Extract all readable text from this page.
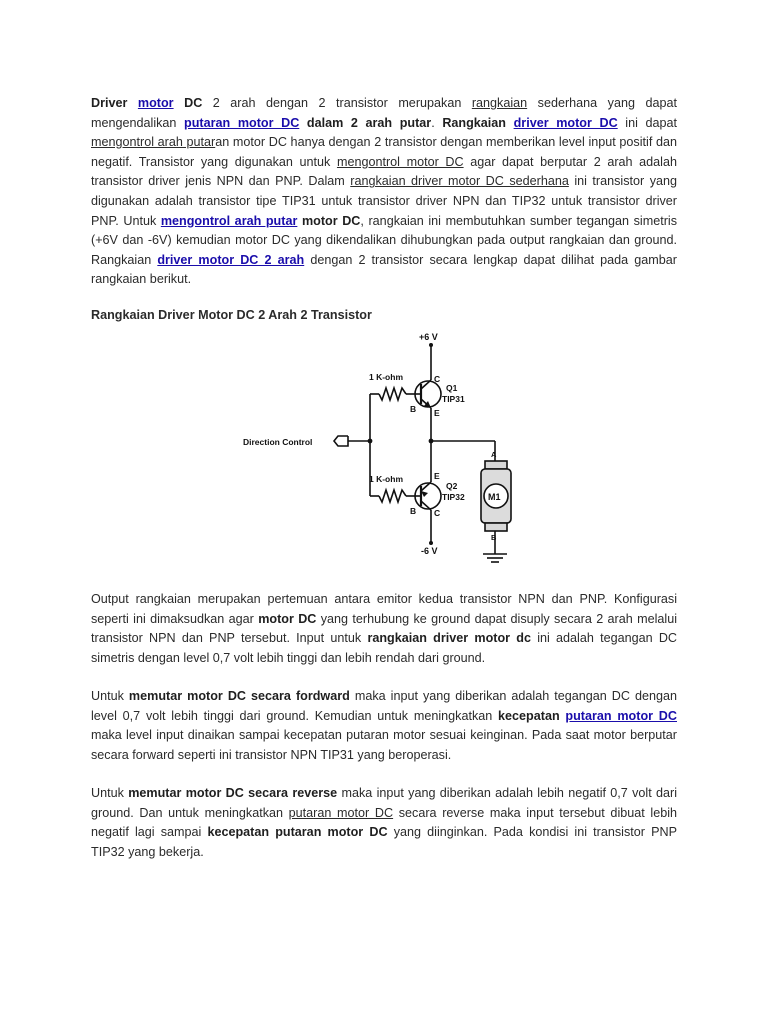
Driver motor DC 2 arah dengan 2 transistor merupakan rangkaian sederhana yang dapat mengendalikan putaran motor DC dalam 2 arah putar. Rangkaian driver motor DC ini dapat mengontrol arah putaran motor DC hanya dengan 2 transistor dengan memberikan level input positif dan negatif. Transistor yang digunakan untuk mengontrol motor DC agar dapat berputar 2 arah adalah transistor driver jenis NPN dan PNP. Dalam rangkaian driver motor DC sederhana ini transistor yang digunakan adalah transistor tipe TIP31 untuk transistor driver NPN dan TIP32 untuk transistor driver PNP. Untuk mengontrol arah putar motor DC, rangkaian ini membutuhkan sumber tegangan simetris (+6V dan -6V) kemudian motor DC yang dikendalikan dihubungkan pada output rangkaian dan ground. Rangkaian driver motor DC 2 arah dengan 2 transistor secara lengkap dapat dilihat pada gambar rangkaian berikut.

Rangkaian Driver Motor DC 2 Arah 2 Transistor

+6 V
1 K-ohm
Q1
TIP31
C
E
B
Direction Control
1 K-ohm
Q2
TIP32
E
C
B
-6 V
M1
A
B

Output rangkaian merupakan pertemuan antara emitor kedua transistor NPN dan PNP. Konfigurasi seperti ini dimaksudkan agar motor DC yang terhubung ke ground dapat disuply secara 2 arah melalui transistor NPN dan PNP tersebut. Input untuk rangkaian driver motor dc ini adalah tegangan DC simetris dengan level 0,7 volt lebih tinggi dan lebih rendah dari ground.

Untuk memutar motor DC secara fordward maka input yang diberikan adalah tegangan DC dengan level 0,7 volt lebih tinggi dari ground. Kemudian untuk meningkatkan kecepatan putaran motor DC maka level input dinaikan sampai kecepatan putaran motor sesuai keinginan. Pada saat motor berputar secara forward seperti ini transistor NPN TIP31 yang beroperasi.

Untuk memutar motor DC secara reverse maka input yang diberikan adalah lebih negatif 0,7 volt dari ground. Dan untuk meningkatkan putaran motor DC secara reverse maka input tersebut dibuat lebih negatif lagi sampai kecepatan putaran motor DC yang diinginkan. Pada kondisi ini transistor PNP TIP32 yang bekerja.
